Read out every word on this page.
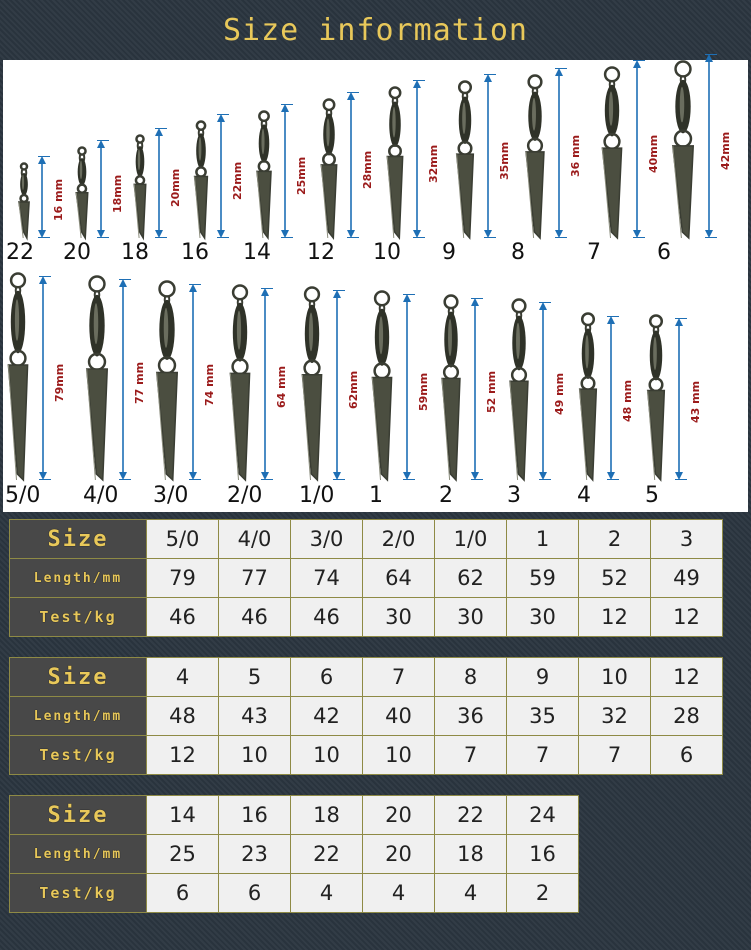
Size information
16 mm
22
18mm
20
20mm
18
22mm
16
25mm
14
28mm
12
32mm
10
35mm
9
36 mm
8
40mm
7
42mm
6
79mm
5/0
77 mm
4/0
74 mm
3/0
64 mm
2/0
62mm
1/0
59mm
1
52 mm
2
49 mm
3
48 mm
4
43 mm
5
Size	5/0	4/0	3/0	2/0	1/0	1	2	3
Length/mm	79	77	74	64	62	59	52	49
Test/kg	46	46	46	30	30	30	12	12
Size	4	5	6	7	8	9	10	12
Length/mm	48	43	42	40	36	35	32	28
Test/kg	12	10	10	10	7	7	7	6
Size	14	16	18	20	22	24
Length/mm	25	23	22	20	18	16
Test/kg	6	6	4	4	4	2
